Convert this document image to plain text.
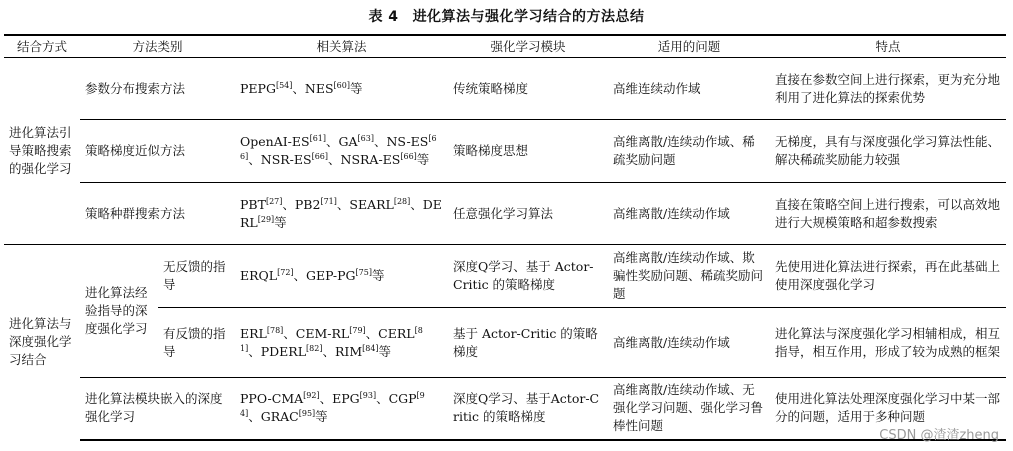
表 4 进化算法与强化学习结合的方法总结
结合方式	方法类别		相关算法	强化学习模块	适用的问题	特点
进化算法引导策略搜索的强化学习	参数分布搜索方法		PEPG[54]、NES[60]等	传统策略梯度	高维连续动作域	直接在参数空间上进行探索，更为充分地利用了进化算法的探索优势
	策略梯度近似方法		OpenAI-ES[61]、GA[63]、NS-ES[66]、NSR-ES[66]、NSRA-ES[66]等	策略梯度思想	高维离散/连续动作域、稀疏奖励问题	无梯度，具有与深度强化学习算法性能、解决稀疏奖励能力较强
	策略种群搜索方法		PBT[27]、PB2[71]、SEARL[28]、DERL[29]等	任意强化学习算法	高维离散/连续动作域	直接在策略空间上进行搜索，可以高效地进行大规模策略和超参数搜索
进化算法与深度强化学习结合	进化算法经验指导的深度强化学习	无反馈的指导	ERQL[72]、GEP-PG[75]等	深度Q学习、基于 Actor-Critic 的策略梯度	高维离散/连续动作域、欺骗性奖励问题、稀疏奖励问题	先使用进化算法进行探索，再在此基础上使用深度强化学习
		有反馈的指导	ERL[78]、CEM-RL[79]、CERL[81]、PDERL[82]、RIM[84]等	基于 Actor-Critic 的策略梯度	高维离散/连续动作域	进化算法与深度强化学习相辅相成，相互指导，相互作用，形成了较为成熟的框架
	进化算法模块嵌入的深度强化学习		PPO-CMA[92]、EPG[93]、CGP[94]、GRAC[95]等	深度Q学习、基于Actor-Critic 的策略梯度	高维离散/连续动作域、无强化学习问题、强化学习鲁棒性问题	使用进化算法处理深度强化学习中某一部分的问题，适用于多种问题
CSDN @渣渣zheng
